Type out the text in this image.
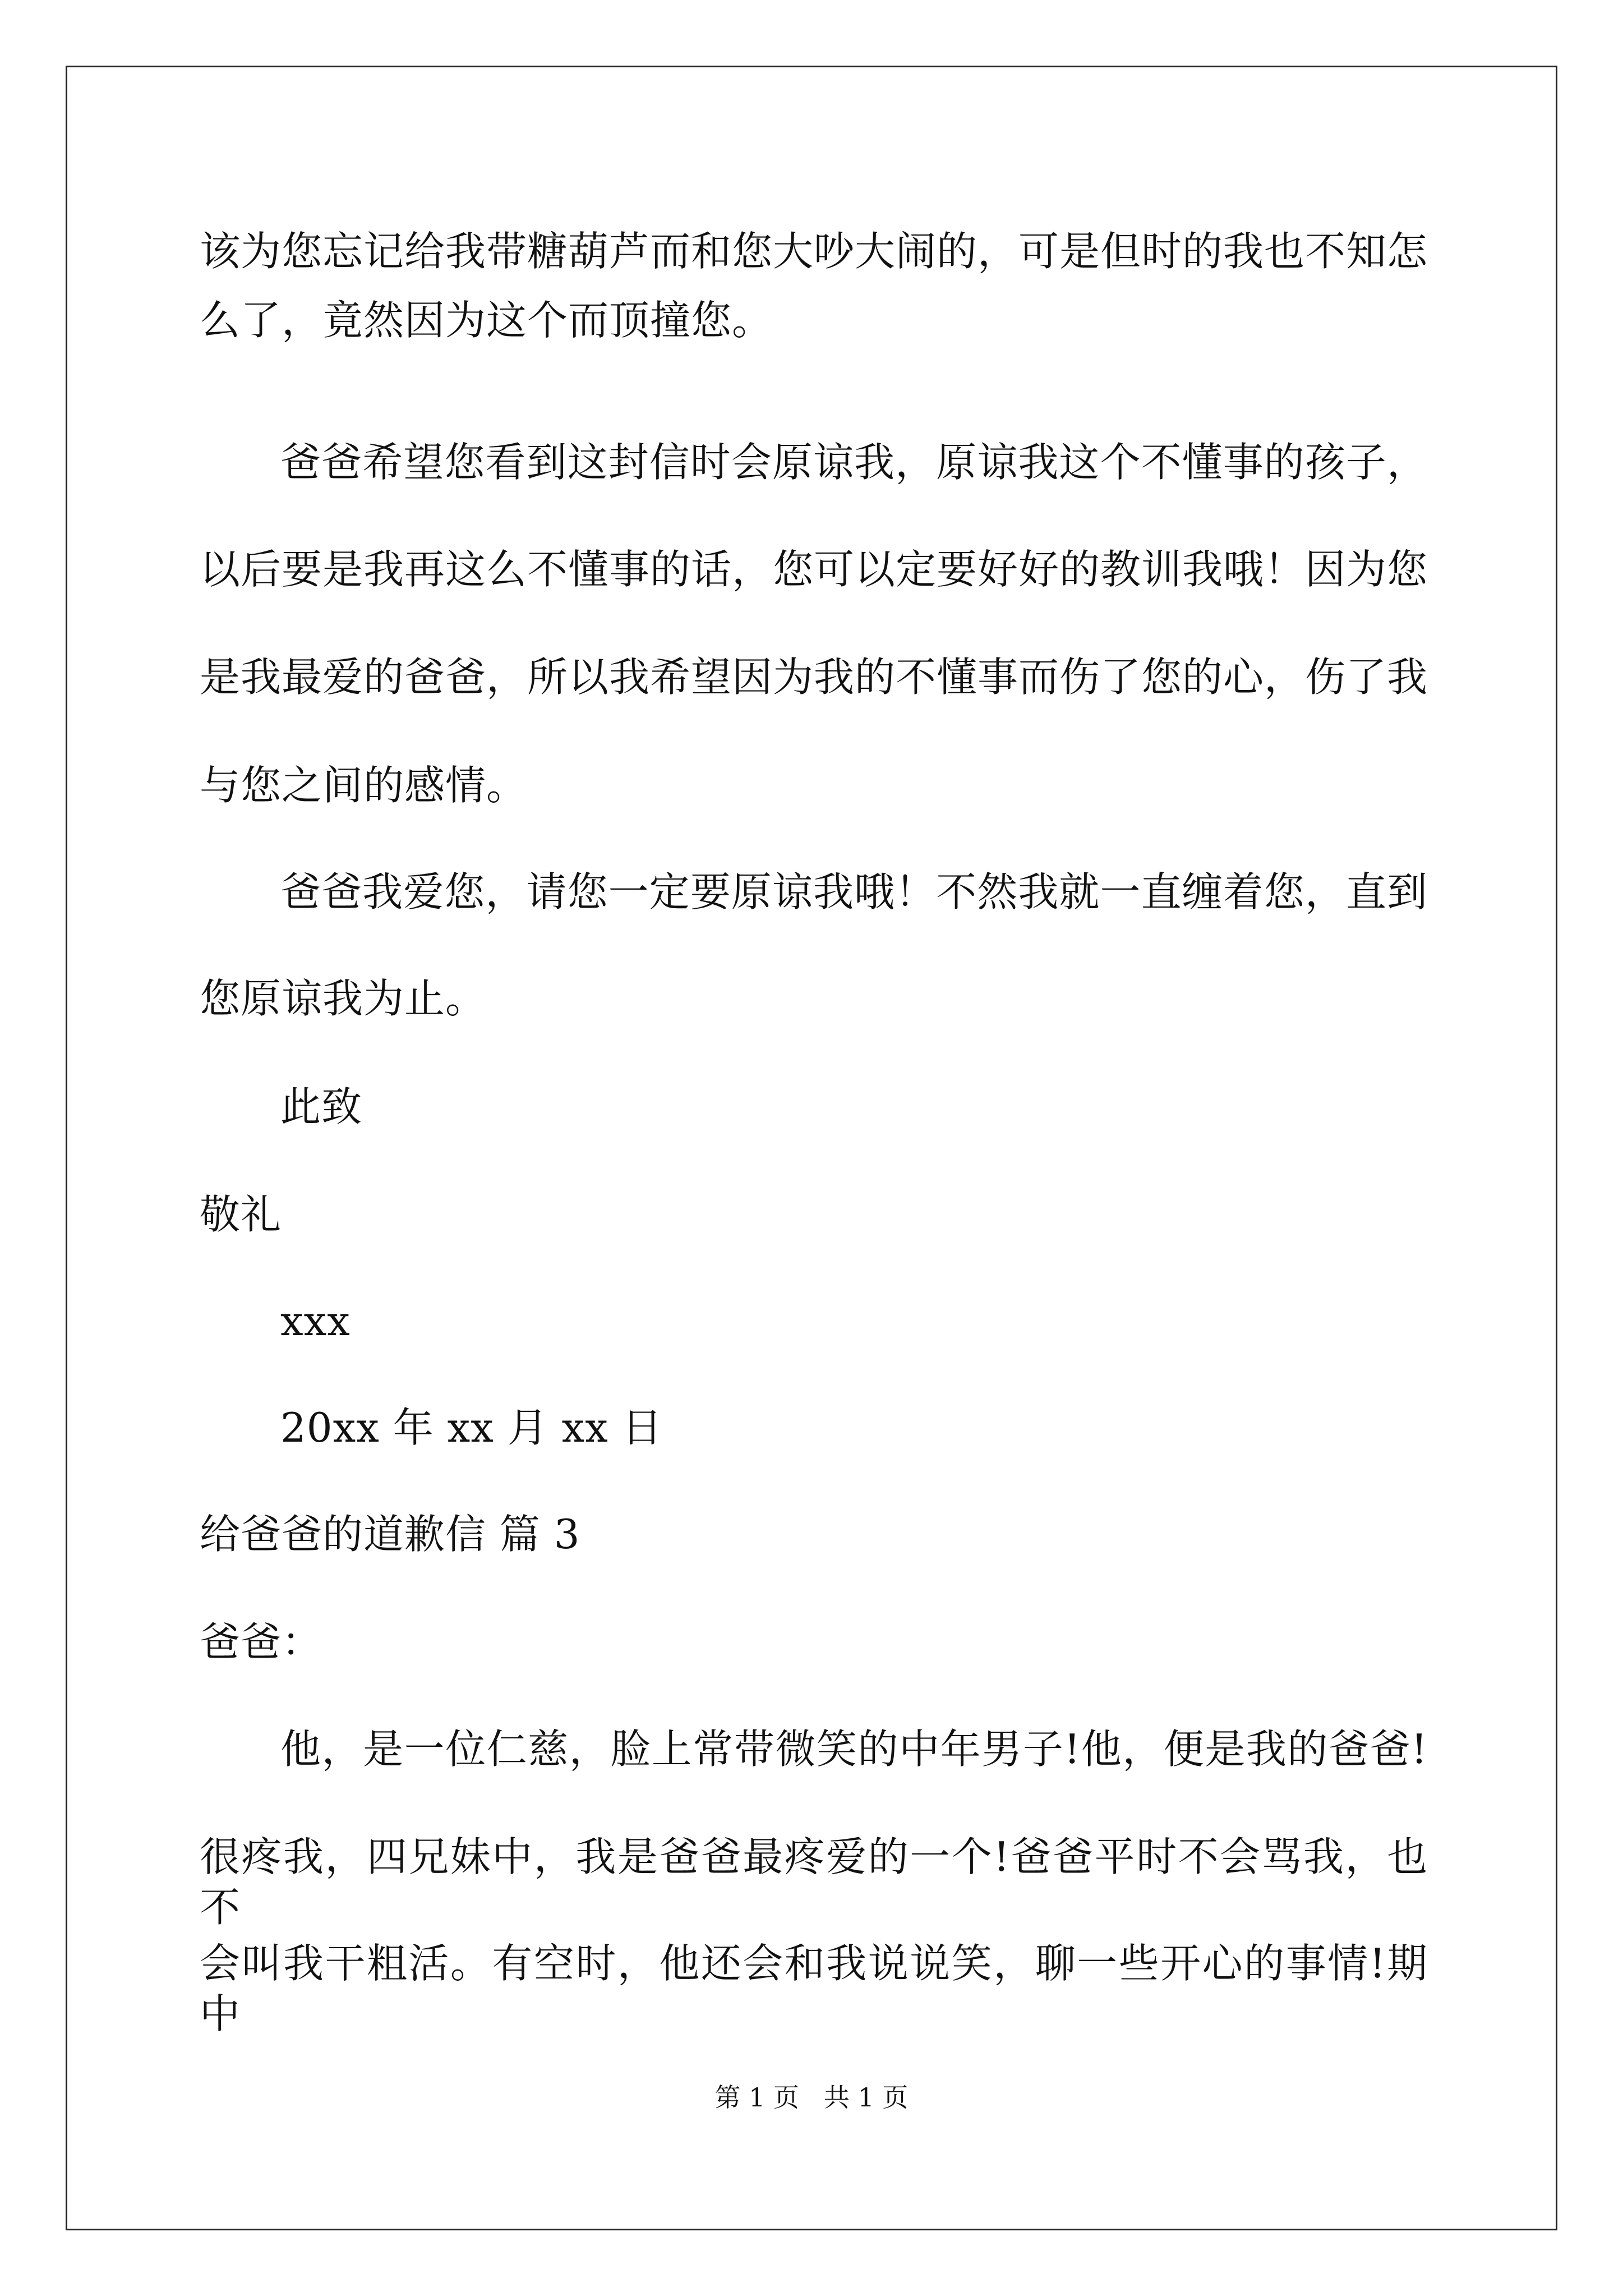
该为您忘记给我带糖葫芦而和您大吵大闹的，可是但时的我也不知怎
么了，竟然因为这个而顶撞您。
爸爸希望您看到这封信时会原谅我，原谅我这个不懂事的孩子，
以后要是我再这么不懂事的话，您可以定要好好的教训我哦！因为您
是我最爱的爸爸，所以我希望因为我的不懂事而伤了您的心，伤了我
与您之间的感情。
爸爸我爱您，请您一定要原谅我哦！不然我就一直缠着您，直到
您原谅我为止。
此致
敬礼
xxx
20xx 年 xx 月 xx 日
给爸爸的道歉信 篇 3
爸爸：
他，是一位仁慈，脸上常带微笑的中年男子!他，便是我的爸爸!
很疼我，四兄妹中，我是爸爸最疼爱的一个!爸爸平时不会骂我，也不
会叫我干粗活。有空时，他还会和我说说笑，聊一些开心的事情!期中
第 1 页   共 1 页
